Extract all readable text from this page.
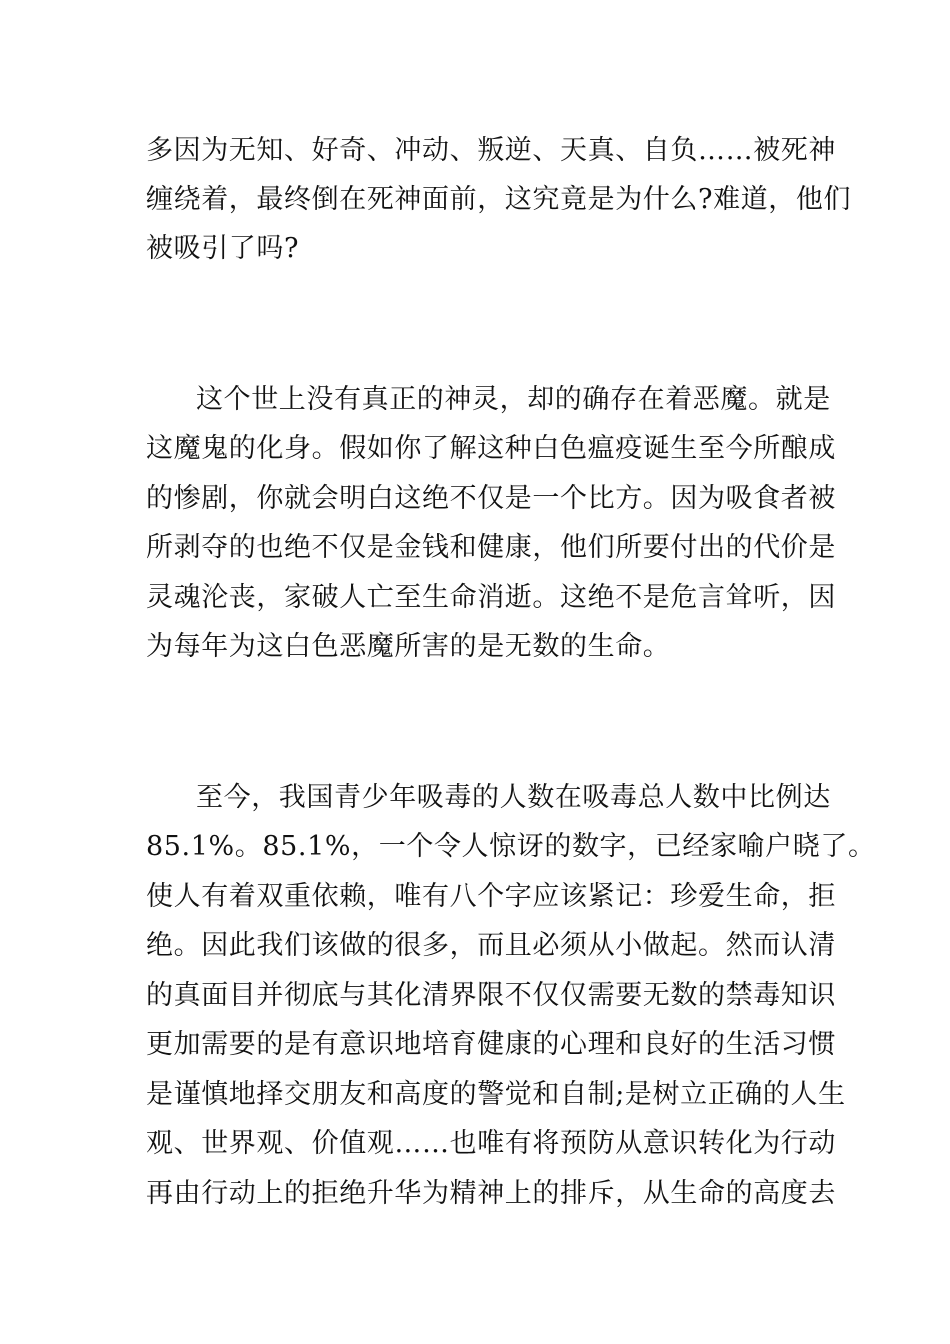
多因为无知、好奇、冲动、叛逆、天真、自负……被死神
缠绕着，最终倒在死神面前，这究竟是为什么?难道，他们
被吸引了吗?
这个世上没有真正的神灵，却的确存在着恶魔。就是
这魔鬼的化身。假如你了解这种白色瘟疫诞生至今所酿成
的惨剧，你就会明白这绝不仅是一个比方。因为吸食者被
所剥夺的也绝不仅是金钱和健康，他们所要付出的代价是
灵魂沦丧，家破人亡至生命消逝。这绝不是危言耸听，因
为每年为这白色恶魔所害的是无数的生命。
至今，我国青少年吸毒的人数在吸毒总人数中比例达
85.1%。85.1%，一个令人惊讶的数字，已经家喻户晓了。
使人有着双重依赖，唯有八个字应该紧记：珍爱生命，拒
绝。因此我们该做的很多，而且必须从小做起。然而认清
的真面目并彻底与其化清界限不仅仅需要无数的禁毒知识
更加需要的是有意识地培育健康的心理和良好的生活习惯
是谨慎地择交朋友和高度的警觉和自制;是树立正确的人生
观、世界观、价值观……也唯有将预防从意识转化为行动
再由行动上的拒绝升华为精神上的排斥，从生命的高度去
